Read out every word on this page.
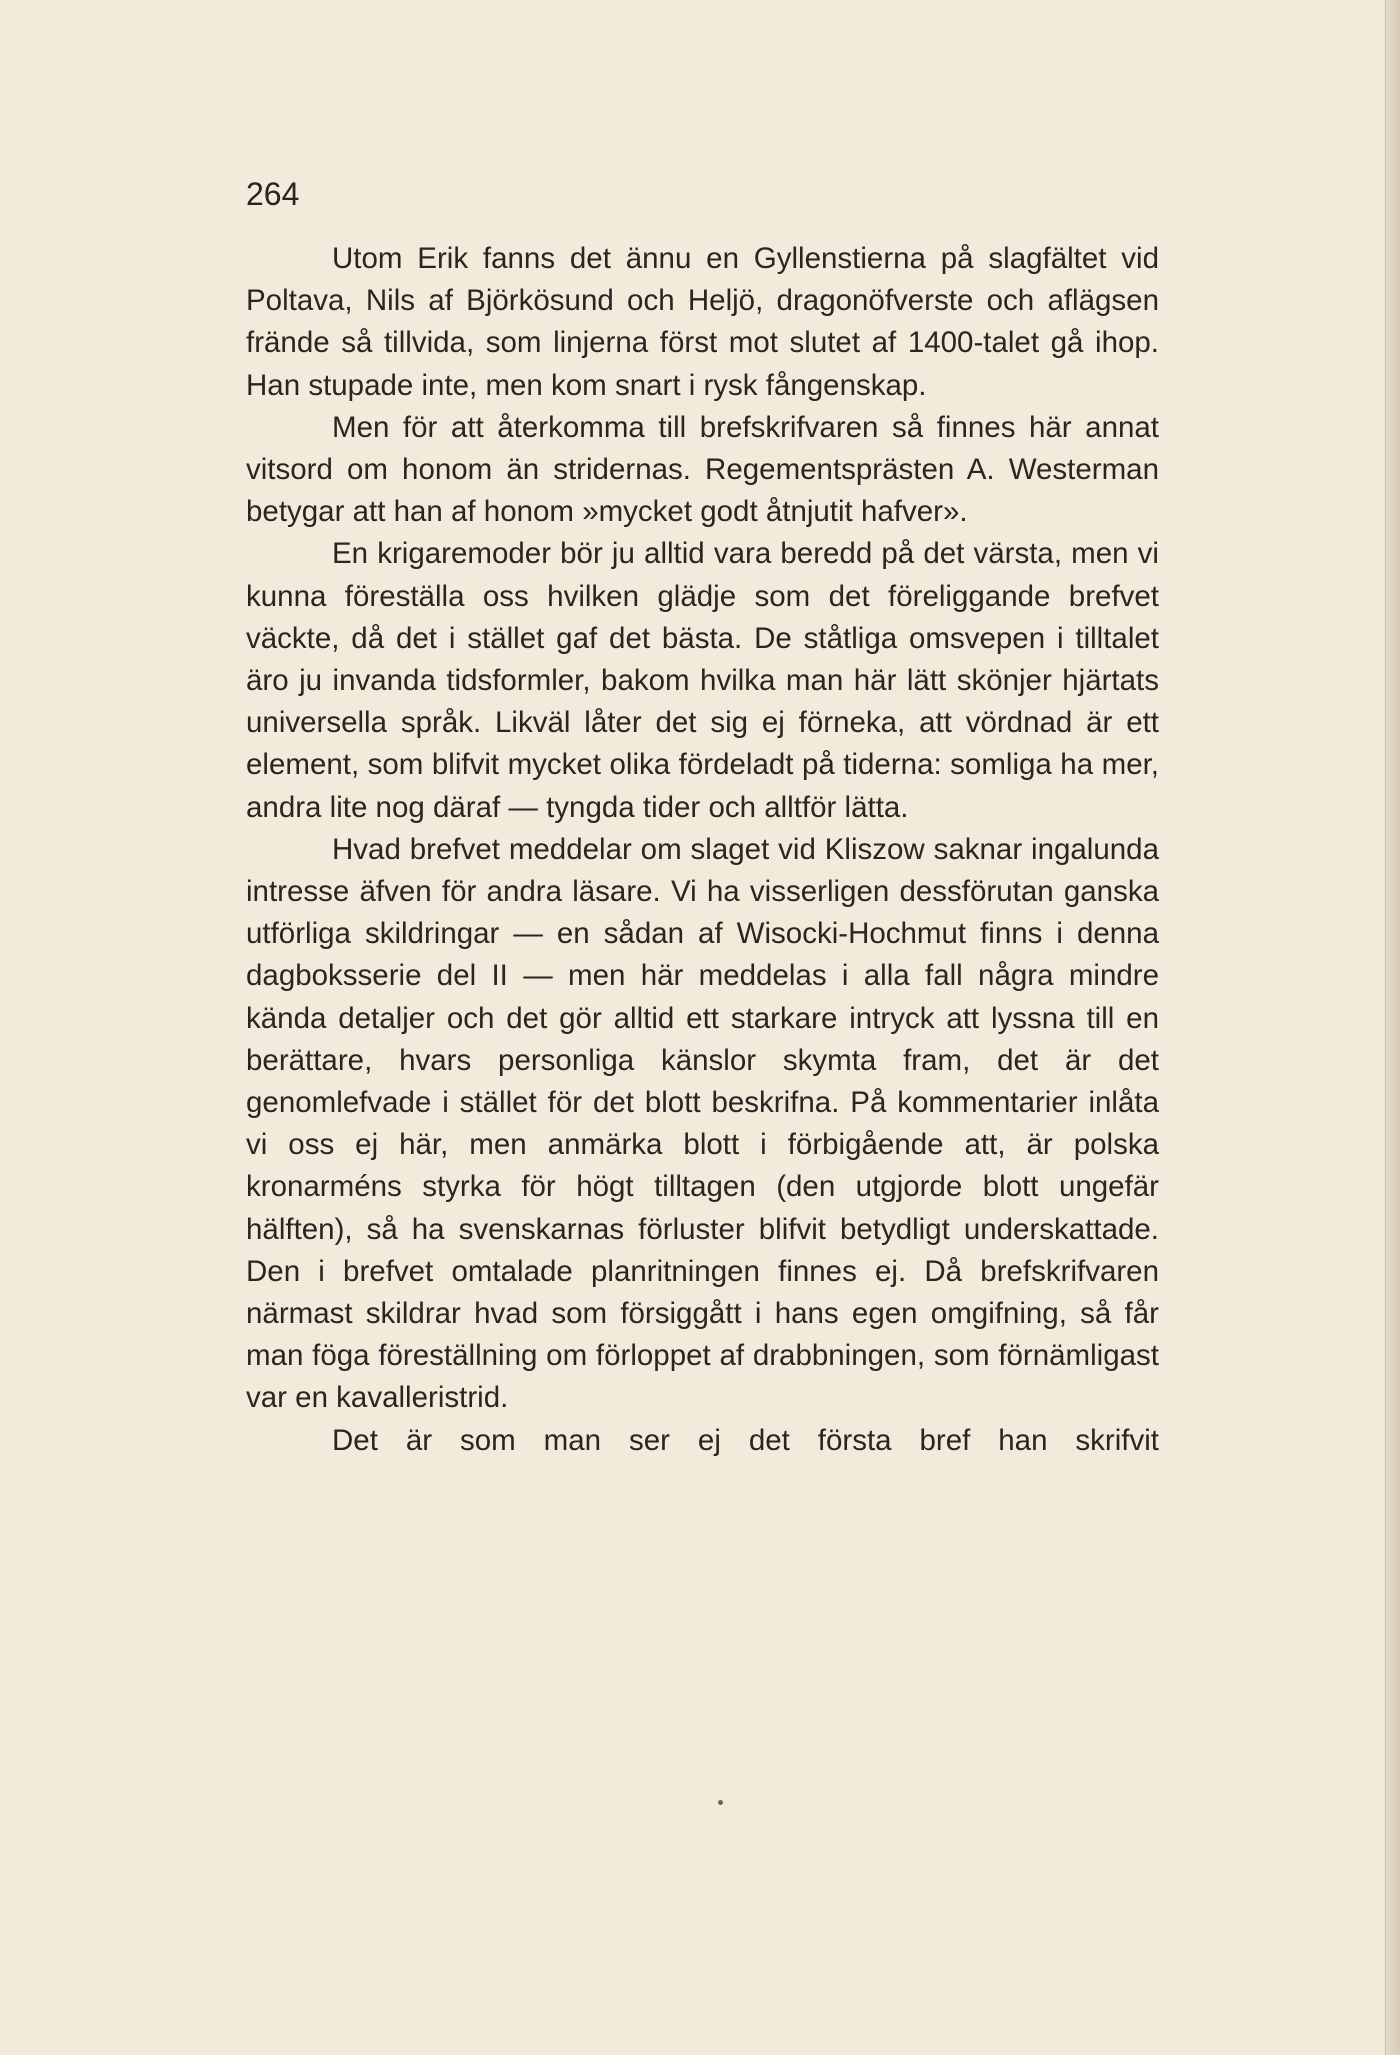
264

Utom Erik fanns det ännu en Gyllenstierna på slagfältet vid Poltava, Nils af Björkösund och Heljö, dragonöfverste och aflägsen frände så tillvida, som linjerna först mot slutet af 1400-talet gå ihop. Han stupade inte, men kom snart i rysk fångenskap.

Men för att återkomma till brefskrifvaren så finnes här annat vitsord om honom än stridernas. Regementsprästen A. Westerman betygar att han af honom »mycket godt åtnjutit hafver».

En krigaremoder bör ju alltid vara beredd på det värsta, men vi kunna föreställa oss hvilken glädje som det föreliggande brefvet väckte, då det i stället gaf det bästa. De ståtliga omsvepen i tilltalet äro ju invanda tidsformler, bakom hvilka man här lätt skönjer hjärtats universella språk. Likväl låter det sig ej förneka, att vördnad är ett element, som blifvit mycket olika fördeladt på tiderna: somliga ha mer, andra lite nog däraf — tyngda tider och alltför lätta.

Hvad brefvet meddelar om slaget vid Kliszow saknar ingalunda intresse äfven för andra läsare. Vi ha visserligen dessförutan ganska utförliga skildringar — en sådan af Wisocki-Hochmut finns i denna dagboksserie del II — men här meddelas i alla fall några mindre kända detaljer och det gör alltid ett starkare intryck att lyssna till en berättare, hvars personliga känslor skymta fram, det är det genomlefvade i stället för det blott beskrifna. På kommentarier inlåta vi oss ej här, men anmärka blott i förbigående att, är polska kronarméns styrka för högt tilltagen (den utgjorde blott ungefär hälften), så ha svenskarnas förluster blifvit betydligt underskattade. Den i brefvet omtalade planritningen finnes ej. Då brefskrifvaren närmast skildrar hvad som försiggått i hans egen omgifning, så får man föga föreställning om förloppet af drabbningen, som förnämligast var en kavalleristrid.

Det är som man ser ej det första bref han skrifvit
